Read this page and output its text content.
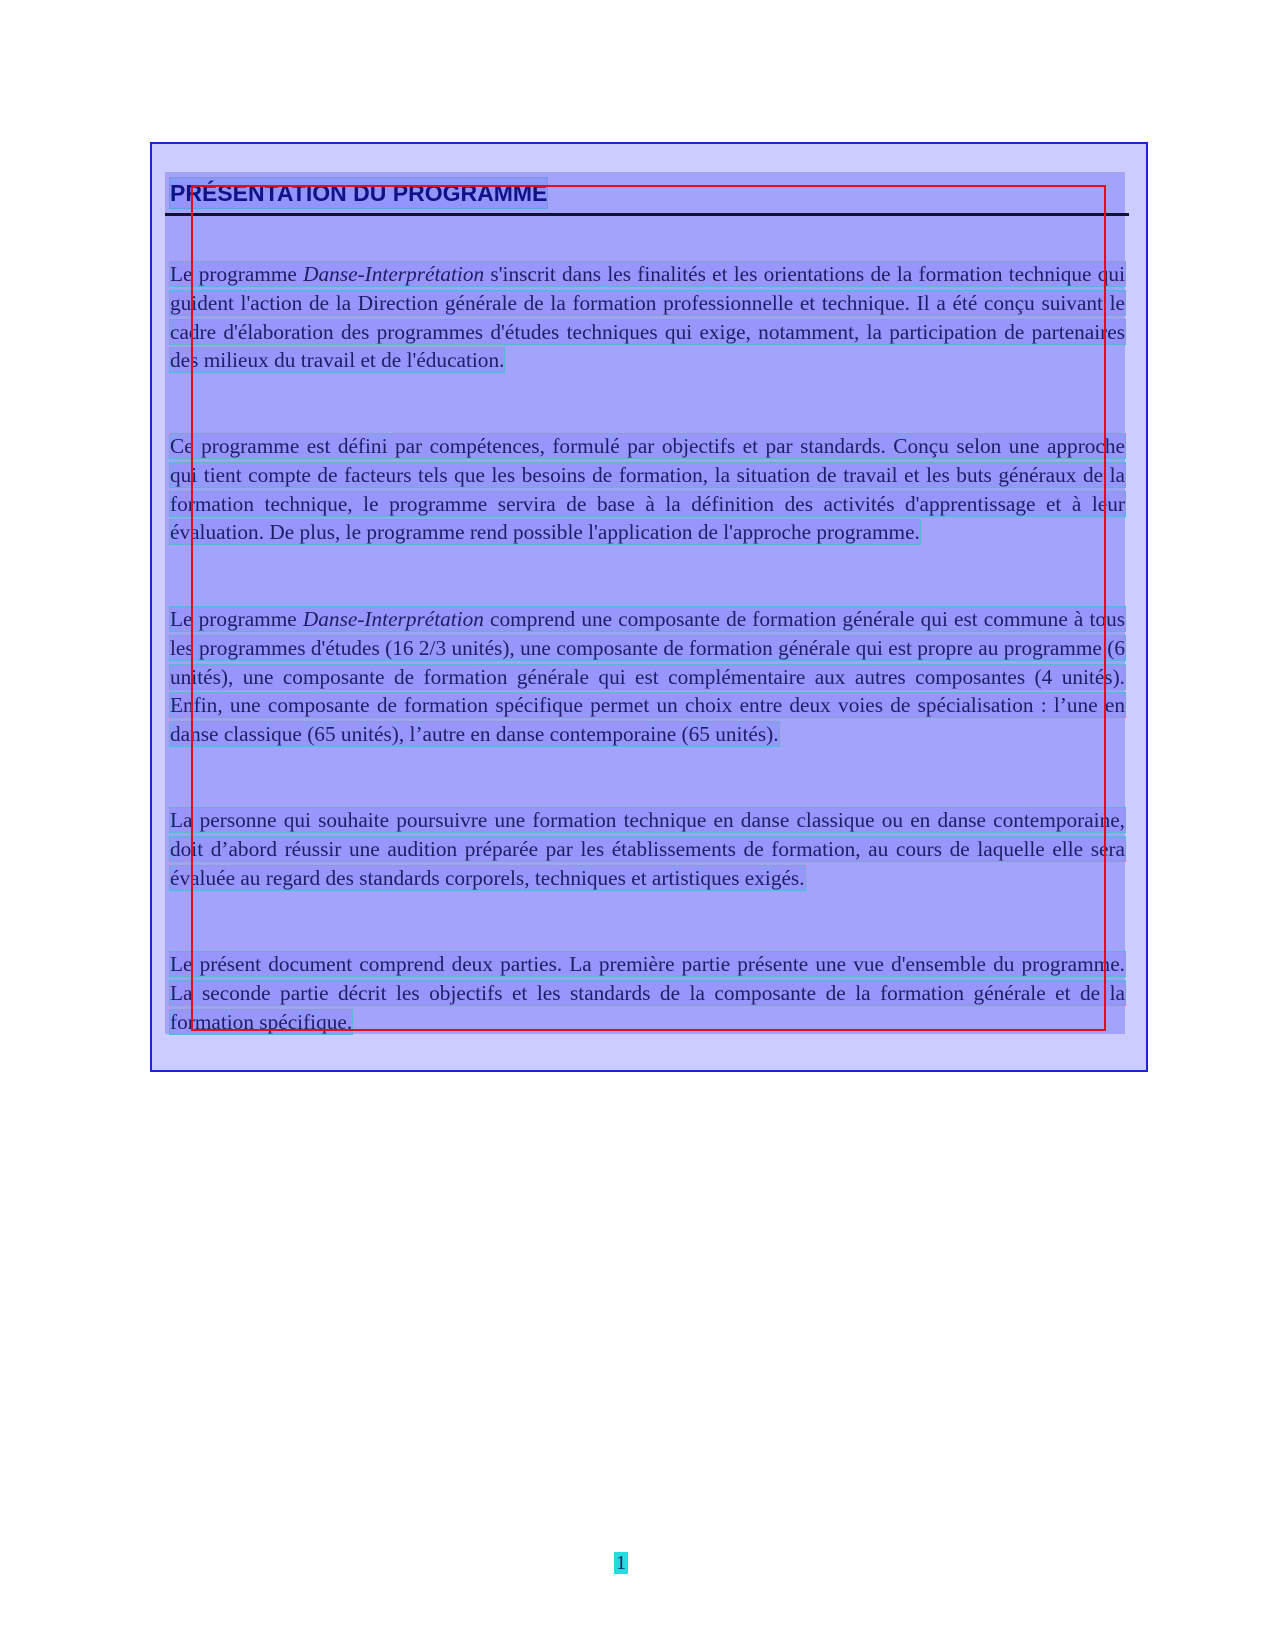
PRÉSENTATION DU PROGRAMME

Le programme Danse-Interprétation s'inscrit dans les finalités et les orientations de la formation technique qui guident l'action de la Direction générale de la formation professionnelle et technique. Il a été conçu suivant le cadre d'élaboration des programmes d'études techniques qui exige, notamment, la participation de partenaires des milieux du travail et de l'éducation.

Ce programme est défini par compétences, formulé par objectifs et par standards. Conçu selon une approche qui tient compte de facteurs tels que les besoins de formation, la situation de travail et les buts généraux de la formation technique, le programme servira de base à la définition des activités d'apprentissage et à leur évaluation. De plus, le programme rend possible l'application de l'approche programme.

Le programme Danse-Interprétation comprend une composante de formation générale qui est commune à tous les programmes d'études (16 2/3 unités), une composante de formation générale qui est propre au programme (6 unités), une composante de formation générale qui est complémentaire aux autres composantes (4 unités). Enfin, une composante de formation spécifique permet un choix entre deux voies de spécialisation : l’une en danse classique (65 unités), l’autre en danse contemporaine (65 unités).

La personne qui souhaite poursuivre une formation technique en danse classique ou en danse contemporaine, doit d’abord réussir une audition préparée par les établissements de formation, au cours de laquelle elle sera évaluée au regard des standards corporels, techniques et artistiques exigés.

Le présent document comprend deux parties. La première partie présente une vue d'ensemble du programme. La seconde partie décrit les objectifs et les standards de la composante de la formation générale et de la formation spécifique.

1
